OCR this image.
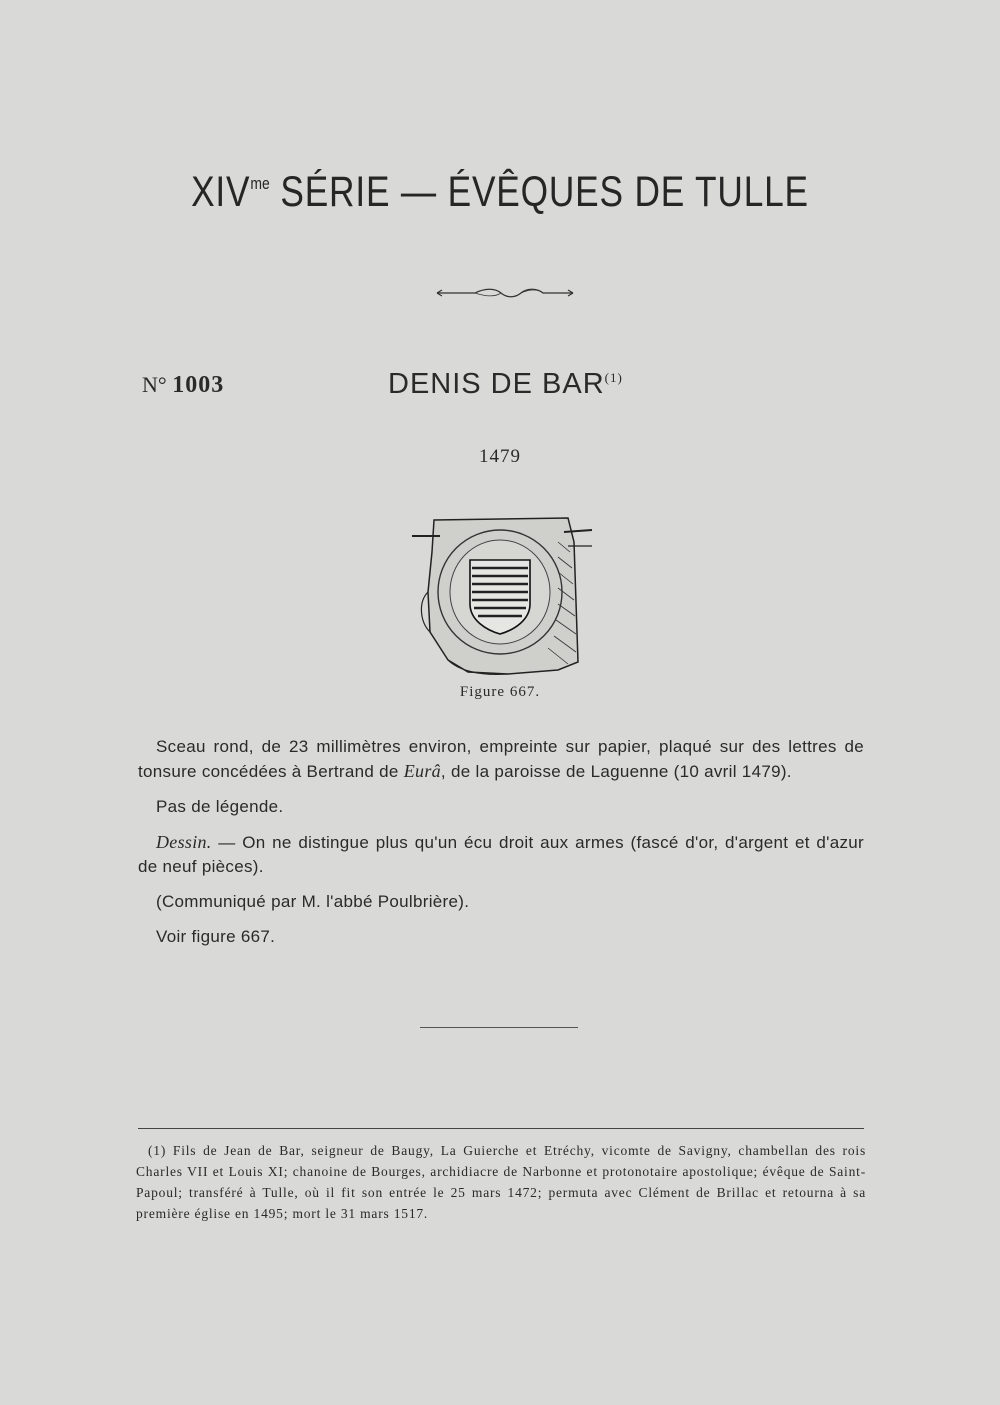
$XIV^{me}$ SÉRIE — ÉVÊQUES DE TULLE
N° 1003	DENIS DE BAR$^{(1)}$
1479
Figure 667.

Sceau rond, de 23 millimètres environ, empreinte sur papier, plaqué sur des lettres de tonsure concédées à Bertrand de Eurâ, de la paroisse de Laguenne (10 avril 1479).

Pas de légende.

Dessin. — On ne distingue plus qu'un écu droit aux armes (fascé d'or, d'argent et d'azur de neuf pièces).

(Communiqué par M. l'abbé Poulbrière).

Voir figure 667.

(1) Fils de Jean de Bar, seigneur de Baugy, La Guierche et Etréchy, vicomte de Savigny, chambellan des rois Charles VII et Louis XI; chanoine de Bourges, archidiacre de Narbonne et protonotaire apostolique; évêque de Saint-Papoul; transféré à Tulle, où il fit son entrée le 25 mars 1472; permuta avec Clément de Brillac et retourna à sa première église en 1495; mort le 31 mars 1517.
